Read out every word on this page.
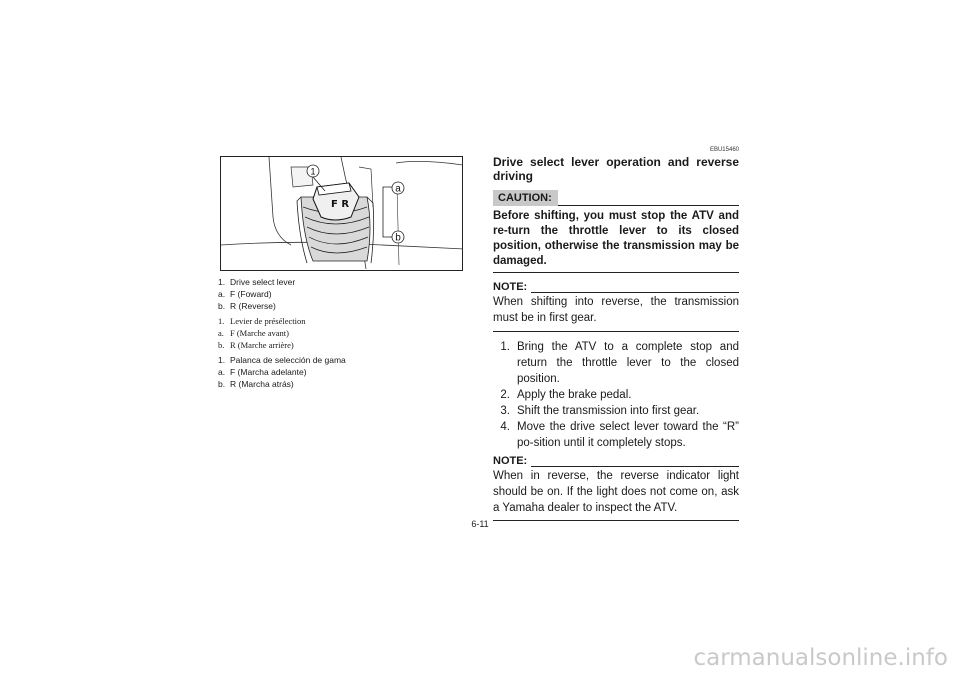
F R
1
a
b
1. Drive select lever
a. F (Foward)
b. R (Reverse)
1. Levier de présélection
a. F (Marche avant)
b. R (Marche arrière)
1. Palanca de selección de gama
a. F (Marcha adelante)
b. R (Marcha atrás)
EBU15460
Drive select lever operation and reverse driving
CAUTION:
Before shifting, you must stop the ATV and re-turn the throttle lever to its closed position, otherwise the transmission may be damaged.
NOTE:
When shifting into reverse, the transmission must be in first gear.
1. Bring the ATV to a complete stop and return the throttle lever to the closed position.
2. Apply the brake pedal.
3. Shift the transmission into first gear.
4. Move the drive select lever toward the “R” po-sition until it completely stops.
NOTE:
When in reverse, the reverse indicator light should be on. If the light does not come on, ask a Yamaha dealer to inspect the ATV.
6-11
carmanualsonline.info
